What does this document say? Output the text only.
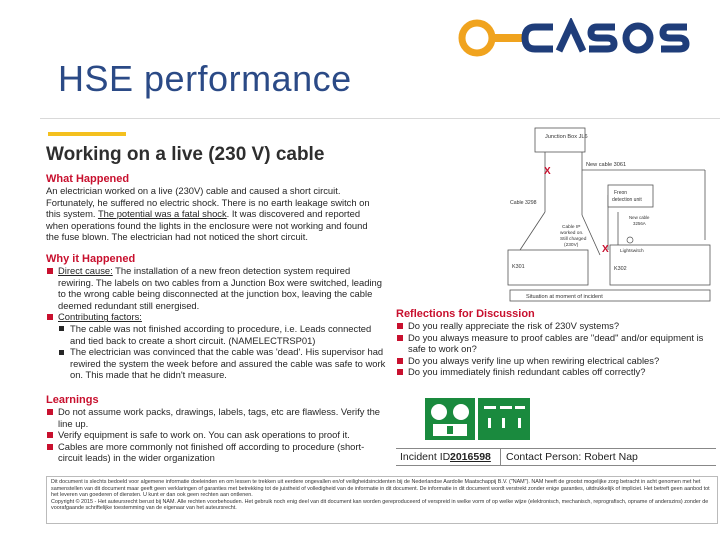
HSE performance
Working on a live (230 V) cable
What Happened
An electrician worked on a live (230V) cable and caused a short circuit. Fortunately, he suffered no electric shock. There is no earth leakage switch on this system. The potential was a fatal shock. It was discovered and reported when operations found the lights in the enclosure were not working and found the fuse blown. The electrician had not noticed the short circuit.
Why it Happened
Direct cause: The installation of a new freon detection system required rewiring. The labels on two cables from a Junction Box were switched, leading to the wrong cable being disconnected at the junction box, leaving the cable deemed redundant still energised.
Contributing factors:
The cable was not finished according to procedure, i.e. Leads connected and tied back to create a short circuit. (NAMELECTRSP01)
The electrician was convinced that the cable was 'dead'. His supervisor had rewired the system the week before and assured the cable was safe to work on. This made that he didn't measure.
Learnings
Do not assume work packs, drawings, labels, tags, etc are flawless. Verify the line up.
Verify equipment is safe to work on. You can ask operations to proof it.
Cables are more commonly not finished off according to procedure (short-circuit leads) in the wider organization
Junction Box JL6
New cable 3061
Freon
detection unit
Cable 3298
New cable
3256A
Cable IP
worked on.
Still charged
(230V)
Lightswitch
K301	K302
X
X
Situation at moment of incident
Reflections for Discussion
Do you really appreciate the risk of 230V systems?
Do you always measure to proof cables are "dead" and/or equipment is safe to work on?
Do you always verify line up when rewiring electrical cables?
Do you immediately finish redundant cables off correctly?
Incident ID:
2016598 Contact Person: Robert Nap
Dit document is slechts bedoeld voor algemene informatie doeleinden en om lessen te trekken uit eerdere ongevallen en/of veiligheidsincidenten bij de Nederlandse Aardolie Maatschappij B.V. ("NAM"). NAM heeft de grootst mogelijke zorg betracht in acht genomen met het samenstellen van dit document maar geeft geen verklaringen of garanties met betrekking tot de juistheid of volledigheid van de informatie in dit document. De informatie in dit document wordt verstrekt zonder enige garanties, uitdrukkelijk of impliciet. Het betreft geen aanbod tot het leveren van goederen of diensten. U kunt er dan ook geen rechten aan ontlenen.
Copyright © 2015 - Het auteursrecht berust bij NAM. Alle rechten voorbehouden. Het gebruik noch enig deel van dit document kan worden gereproduceerd of verspreid in welke vorm of op welke wijze (elektronisch, mechanisch, reprografisch, opname of anderszins) zonder de voorafgaande schriftelijke toestemming van de eigenaar van het auteursrecht.
